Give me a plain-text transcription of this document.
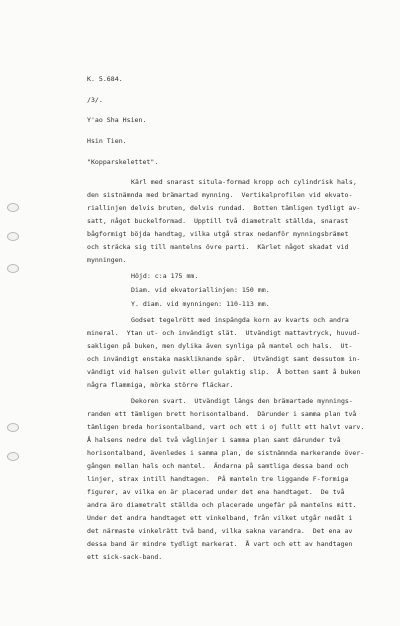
K. 5.684.
/3/.
Y'ao Sha Hsien.
Hsin Tien.
"Kopparskelettet".
Kärl med snarast situla-formad kropp och cylindrisk hals,
den sistnämnda med brämartad mynning.  Vertikalprofilen vid ekvato-
riallinjen delvis bruten, delvis rundad.  Botten tämligen tydligt av-
satt, något buckelformad.  Upptill två diametralt ställda, snarast
bågformigt böjda handtag, vilka utgå strax nedanför mynningsbrämet
och sträcka sig till mantelns övre parti.  Kärlet något skadat vid
mynningen.
Höjd: c:a 175 mm.
Diam. vid ekvatoriallinjen: 150 mm.
Y. diam. vid mynningen: 110-113 mm.
Godset tegelrött med inspängda korn av kvarts och andra
mineral.  Ytan ut- och invändigt slät.  Utvändigt mattavtryck, huvud-
sakligen på buken, men dylika även synliga på mantel och hals.  Ut-
och invändigt enstaka maskliknande spår.  Utvändigt samt dessutom in-
vändigt vid halsen gulvit eller gulaktig slip.  Å botten samt å buken
några flammiga, mörka större fläckar.
Dekoren svart.  Utvändigt längs den brämartade mynnings-
randen ett tämligen brett horisontalband.  Därunder i samma plan två
tämligen breda horisontalband, vart och ett i oj fullt ett halvt varv.
Å halsens nedre del två våglinjer i samma plan samt därunder två
horisontalband, ävenledes i samma plan, de sistnämnda markerande över-
gången mellan hals och mantel.  Ändarna på samtliga dessa band och
linjer, strax intill handtagen.  På manteln tre liggande F-formiga
figurer, av vilka en är placerad under det ena handtaget.  De två
andra äro diametralt ställda och placerade ungefär på mantelns mitt.
Under det andra handtaget ett vinkelband, från vilket utgår nedåt i
det närmaste vinkelrätt två band, vilka sakna varandra.  Det ena av
dessa band är mindre tydligt markerat.  Å vart och ett av handtagen
ett sick-sack-band.
